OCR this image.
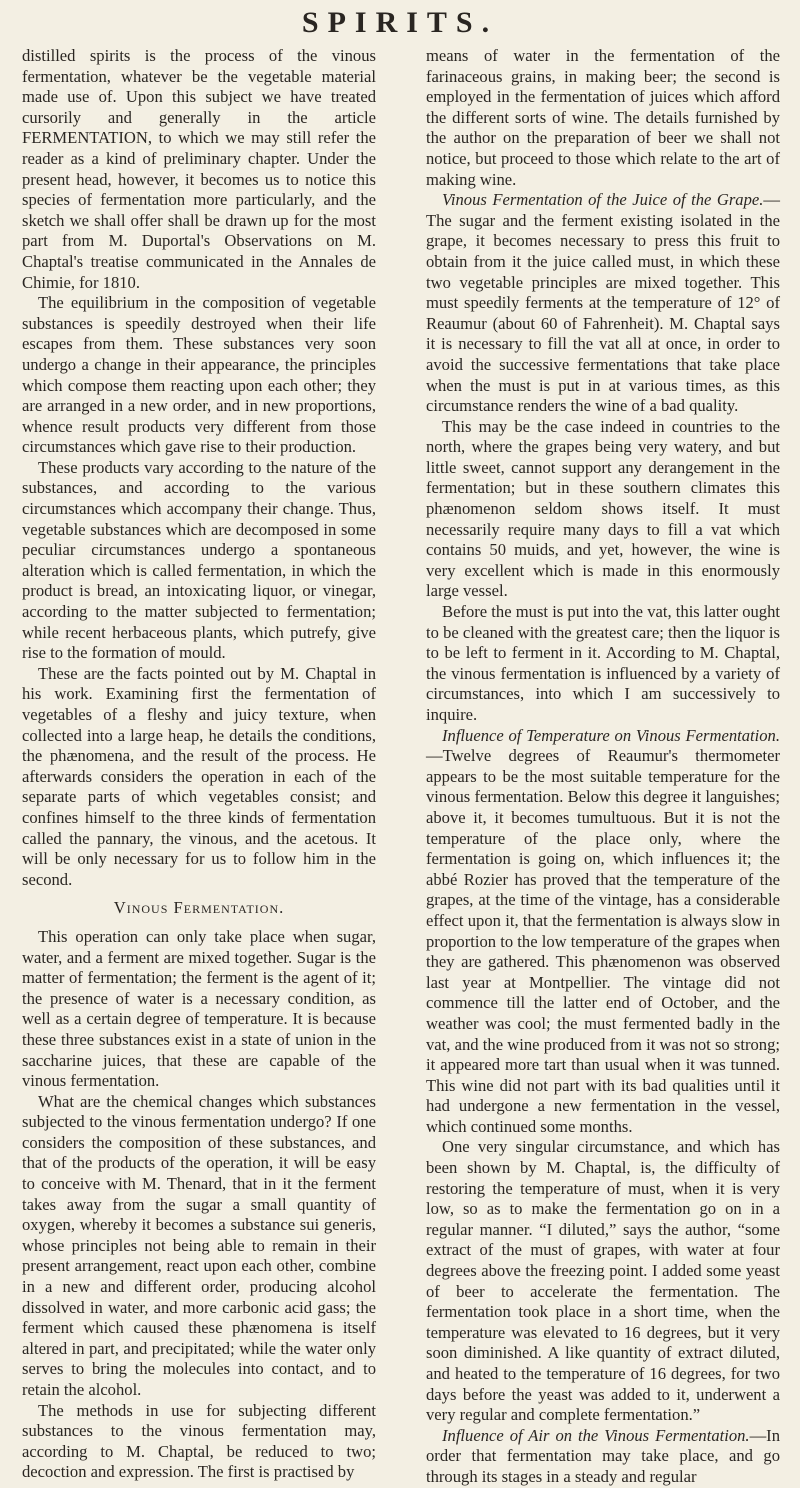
SPIRITS.

distilled spirits is the process of the vinous fermentation, whatever be the vegetable material made use of. Upon this subject we have treated cursorily and generally in the article FERMENTATION, to which we may still refer the reader as a kind of preliminary chapter. Under the present head, however, it becomes us to notice this species of fermentation more particularly, and the sketch we shall offer shall be drawn up for the most part from M. Duportal's Observations on M. Chaptal's treatise communicated in the Annales de Chimie, for 1810.

The equilibrium in the composition of vegetable substances is speedily destroyed when their life escapes from them. These substances very soon undergo a change in their appearance, the principles which compose them reacting upon each other; they are arranged in a new order, and in new proportions, whence result products very different from those circumstances which gave rise to their production.

These products vary according to the nature of the substances, and according to the various circumstances which accompany their change. Thus, vegetable substances which are decomposed in some peculiar circumstances undergo a spontaneous alteration which is called fermentation, in which the product is bread, an intoxicating liquor, or vinegar, according to the matter subjected to fermentation; while recent herbaceous plants, which putrefy, give rise to the formation of mould.

These are the facts pointed out by M. Chaptal in his work. Examining first the fermentation of vegetables of a fleshy and juicy texture, when collected into a large heap, he details the conditions, the phænomena, and the result of the process. He afterwards considers the operation in each of the separate parts of which vegetables consist; and confines himself to the three kinds of fermentation called the pannary, the vinous, and the acetous. It will be only necessary for us to follow him in the second.

Vinous Fermentation.

This operation can only take place when sugar, water, and a ferment are mixed together. Sugar is the matter of fermentation; the ferment is the agent of it; the presence of water is a necessary condition, as well as a certain degree of temperature. It is because these three substances exist in a state of union in the saccharine juices, that these are capable of the vinous fermentation.

What are the chemical changes which substances subjected to the vinous fermentation undergo? If one considers the composition of these substances, and that of the products of the operation, it will be easy to conceive with M. Thenard, that in it the ferment takes away from the sugar a small quantity of oxygen, whereby it becomes a substance sui generis, whose principles not being able to remain in their present arrangement, react upon each other, combine in a new and different order, producing alcohol dissolved in water, and more carbonic acid gass; the ferment which caused these phænomena is itself altered in part, and precipitated; while the water only serves to bring the molecules into contact, and to retain the alcohol.

The methods in use for subjecting different substances to the vinous fermentation may, according to M. Chaptal, be reduced to two; decoction and expression. The first is practised by

means of water in the fermentation of the farinaceous grains, in making beer; the second is employed in the fermentation of juices which afford the different sorts of wine. The details furnished by the author on the preparation of beer we shall not notice, but proceed to those which relate to the art of making wine.

Vinous Fermentation of the Juice of the Grape.— The sugar and the ferment existing isolated in the grape, it becomes necessary to press this fruit to obtain from it the juice called must, in which these two vegetable principles are mixed together. This must speedily ferments at the temperature of 12° of Reaumur (about 60 of Fahrenheit). M. Chaptal says it is necessary to fill the vat all at once, in order to avoid the successive fermentations that take place when the must is put in at various times, as this circumstance renders the wine of a bad quality.

This may be the case indeed in countries to the north, where the grapes being very watery, and but little sweet, cannot support any derangement in the fermentation; but in these southern climates this phænomenon seldom shows itself. It must necessarily require many days to fill a vat which contains 50 muids, and yet, however, the wine is very excellent which is made in this enormously large vessel.

Before the must is put into the vat, this latter ought to be cleaned with the greatest care; then the liquor is to be left to ferment in it. According to M. Chaptal, the vinous fermentation is influenced by a variety of circumstances, into which I am successively to inquire.

Influence of Temperature on Vinous Fermentation.—Twelve degrees of Reaumur's thermometer appears to be the most suitable temperature for the vinous fermentation. Below this degree it languishes; above it, it becomes tumultuous. But it is not the temperature of the place only, where the fermentation is going on, which influences it; the abbé Rozier has proved that the temperature of the grapes, at the time of the vintage, has a considerable effect upon it, that the fermentation is always slow in proportion to the low temperature of the grapes when they are gathered. This phænomenon was observed last year at Montpellier. The vintage did not commence till the latter end of October, and the weather was cool; the must fermented badly in the vat, and the wine produced from it was not so strong; it appeared more tart than usual when it was tunned. This wine did not part with its bad qualities until it had undergone a new fermentation in the vessel, which continued some months.

One very singular circumstance, and which has been shown by M. Chaptal, is, the difficulty of restoring the temperature of must, when it is very low, so as to make the fermentation go on in a regular manner. “I diluted,” says the author, “some extract of the must of grapes, with water at four degrees above the freezing point. I added some yeast of beer to accelerate the fermentation. The fermentation took place in a short time, when the temperature was elevated to 16 degrees, but it very soon diminished. A like quantity of extract diluted, and heated to the temperature of 16 degrees, for two days before the yeast was added to it, underwent a very regular and complete fermentation.”

Influence of Air on the Vinous Fermentation.—In order that fermentation may take place, and go through its stages in a steady and regular
